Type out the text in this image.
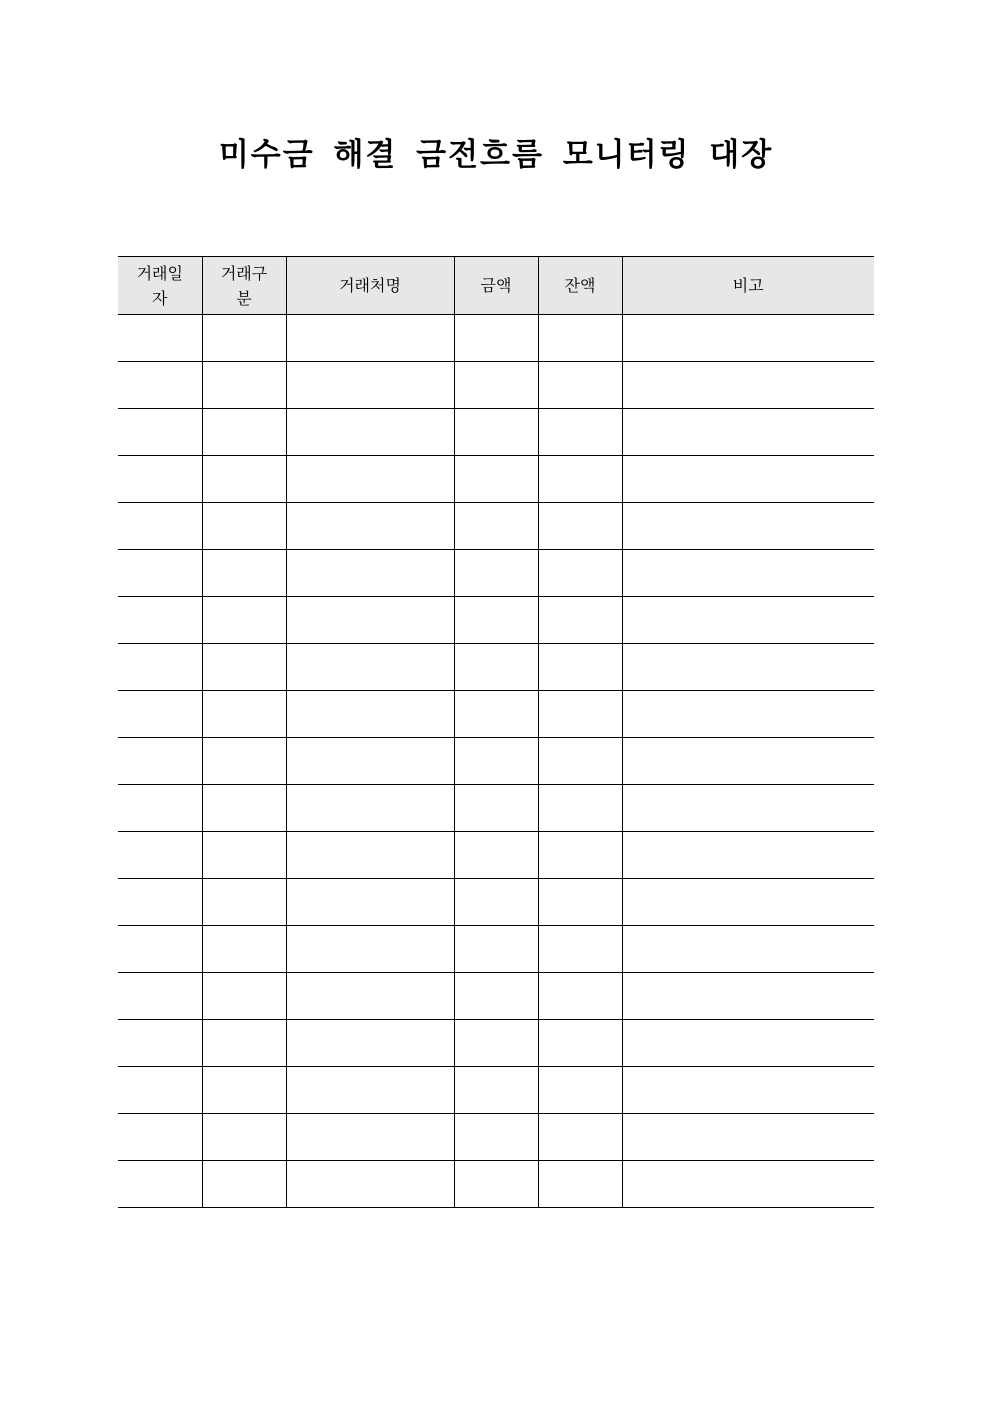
미수금 해결 금전흐름 모니터링 대장
거래일자	거래구분	거래처명	금액	잔액	비고
